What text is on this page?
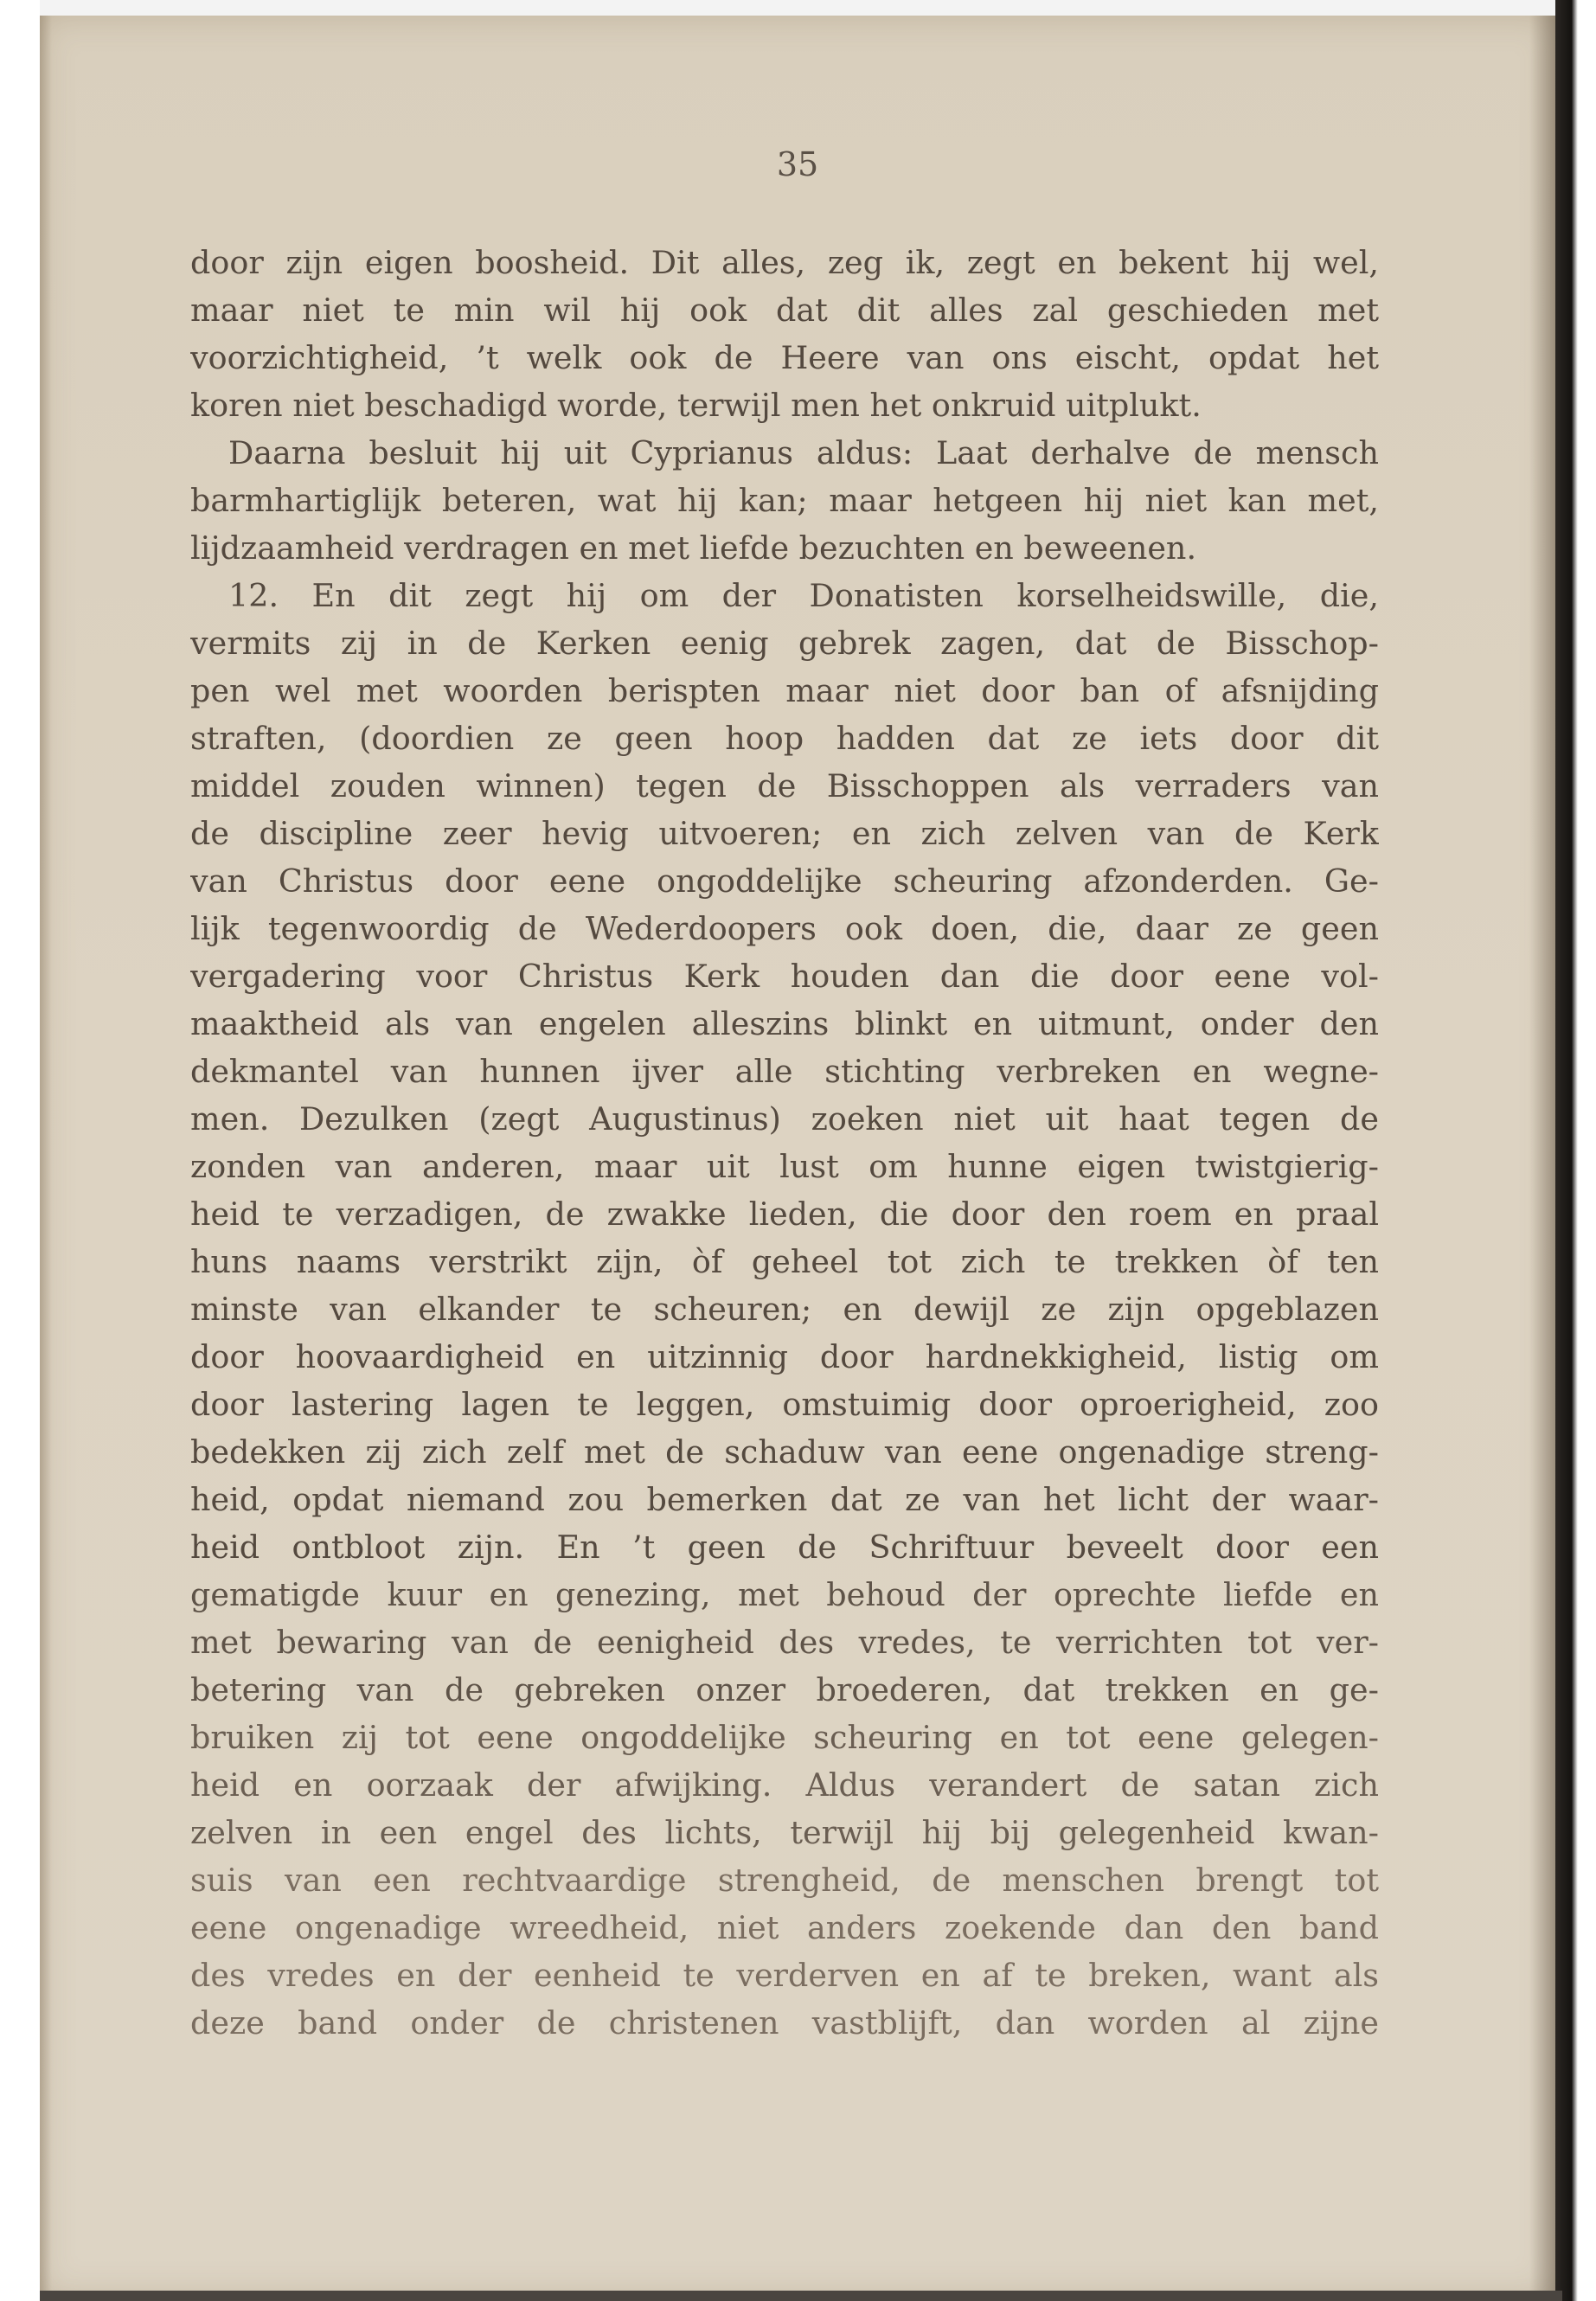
35
door zijn eigen boosheid. Dit alles, zeg ik, zegt en bekent hij wel,
maar niet te min wil hij ook dat dit alles zal geschieden met
voorzichtigheid, ’t welk ook de Heere van ons eischt, opdat het
koren niet beschadigd worde, terwijl men het onkruid uitplukt.
Daarna besluit hij uit Cyprianus aldus: Laat derhalve de mensch
barmhartiglijk beteren, wat hij kan; maar hetgeen hij niet kan met,
lijdzaamheid verdragen en met liefde bezuchten en beweenen.
12. En dit zegt hij om der Donatisten korselheidswille, die,
vermits zij in de Kerken eenig gebrek zagen, dat de Bisschop-
pen wel met woorden berispten maar niet door ban of afsnijding
straften, (doordien ze geen hoop hadden dat ze iets door dit
middel zouden winnen) tegen de Bisschoppen als verraders van
de discipline zeer hevig uitvoeren; en zich zelven van de Kerk
van Christus door eene ongoddelijke scheuring afzonderden. Ge-
lijk tegenwoordig de Wederdoopers ook doen, die, daar ze geen
vergadering voor Christus Kerk houden dan die door eene vol-
maaktheid als van engelen alleszins blinkt en uitmunt, onder den
dekmantel van hunnen ijver alle stichting verbreken en wegne-
men. Dezulken (zegt Augustinus) zoeken niet uit haat tegen de
zonden van anderen, maar uit lust om hunne eigen twistgierig-
heid te verzadigen, de zwakke lieden, die door den roem en praal
huns naams verstrikt zijn, òf geheel tot zich te trekken òf ten
minste van elkander te scheuren; en dewijl ze zijn opgeblazen
door hoovaardigheid en uitzinnig door hardnekkigheid, listig om
door lastering lagen te leggen, omstuimig door oproerigheid, zoo
bedekken zij zich zelf met de schaduw van eene ongenadige streng-
heid, opdat niemand zou bemerken dat ze van het licht der waar-
heid ontbloot zijn. En ’t geen de Schriftuur beveelt door een
gematigde kuur en genezing, met behoud der oprechte liefde en
met bewaring van de eenigheid des vredes, te verrichten tot ver-
betering van de gebreken onzer broederen, dat trekken en ge-
bruiken zij tot eene ongoddelijke scheuring en tot eene gelegen-
heid en oorzaak der afwijking. Aldus verandert de satan zich
zelven in een engel des lichts, terwijl hij bij gelegenheid kwan-
suis van een rechtvaardige strengheid, de menschen brengt tot
eene ongenadige wreedheid, niet anders zoekende dan den band
des vredes en der eenheid te verderven en af te breken, want als
deze band onder de christenen vastblijft, dan worden al zijne
